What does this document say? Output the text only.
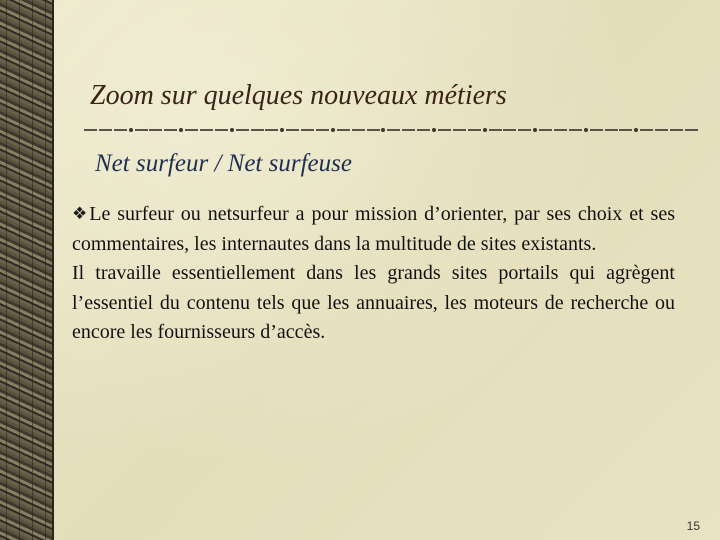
Zoom sur quelques nouveaux métiers
Net surfeur / Net surfeuse

❖ Le surfeur ou netsurfeur a pour mission d’orienter, par ses choix et ses commentaires, les internautes dans la multitude de sites existants.

Il travaille essentiellement dans les grands sites portails qui agrègent l’essentiel du contenu tels que les annuaires, les moteurs de recherche ou encore les fournisseurs d’accès.

15
